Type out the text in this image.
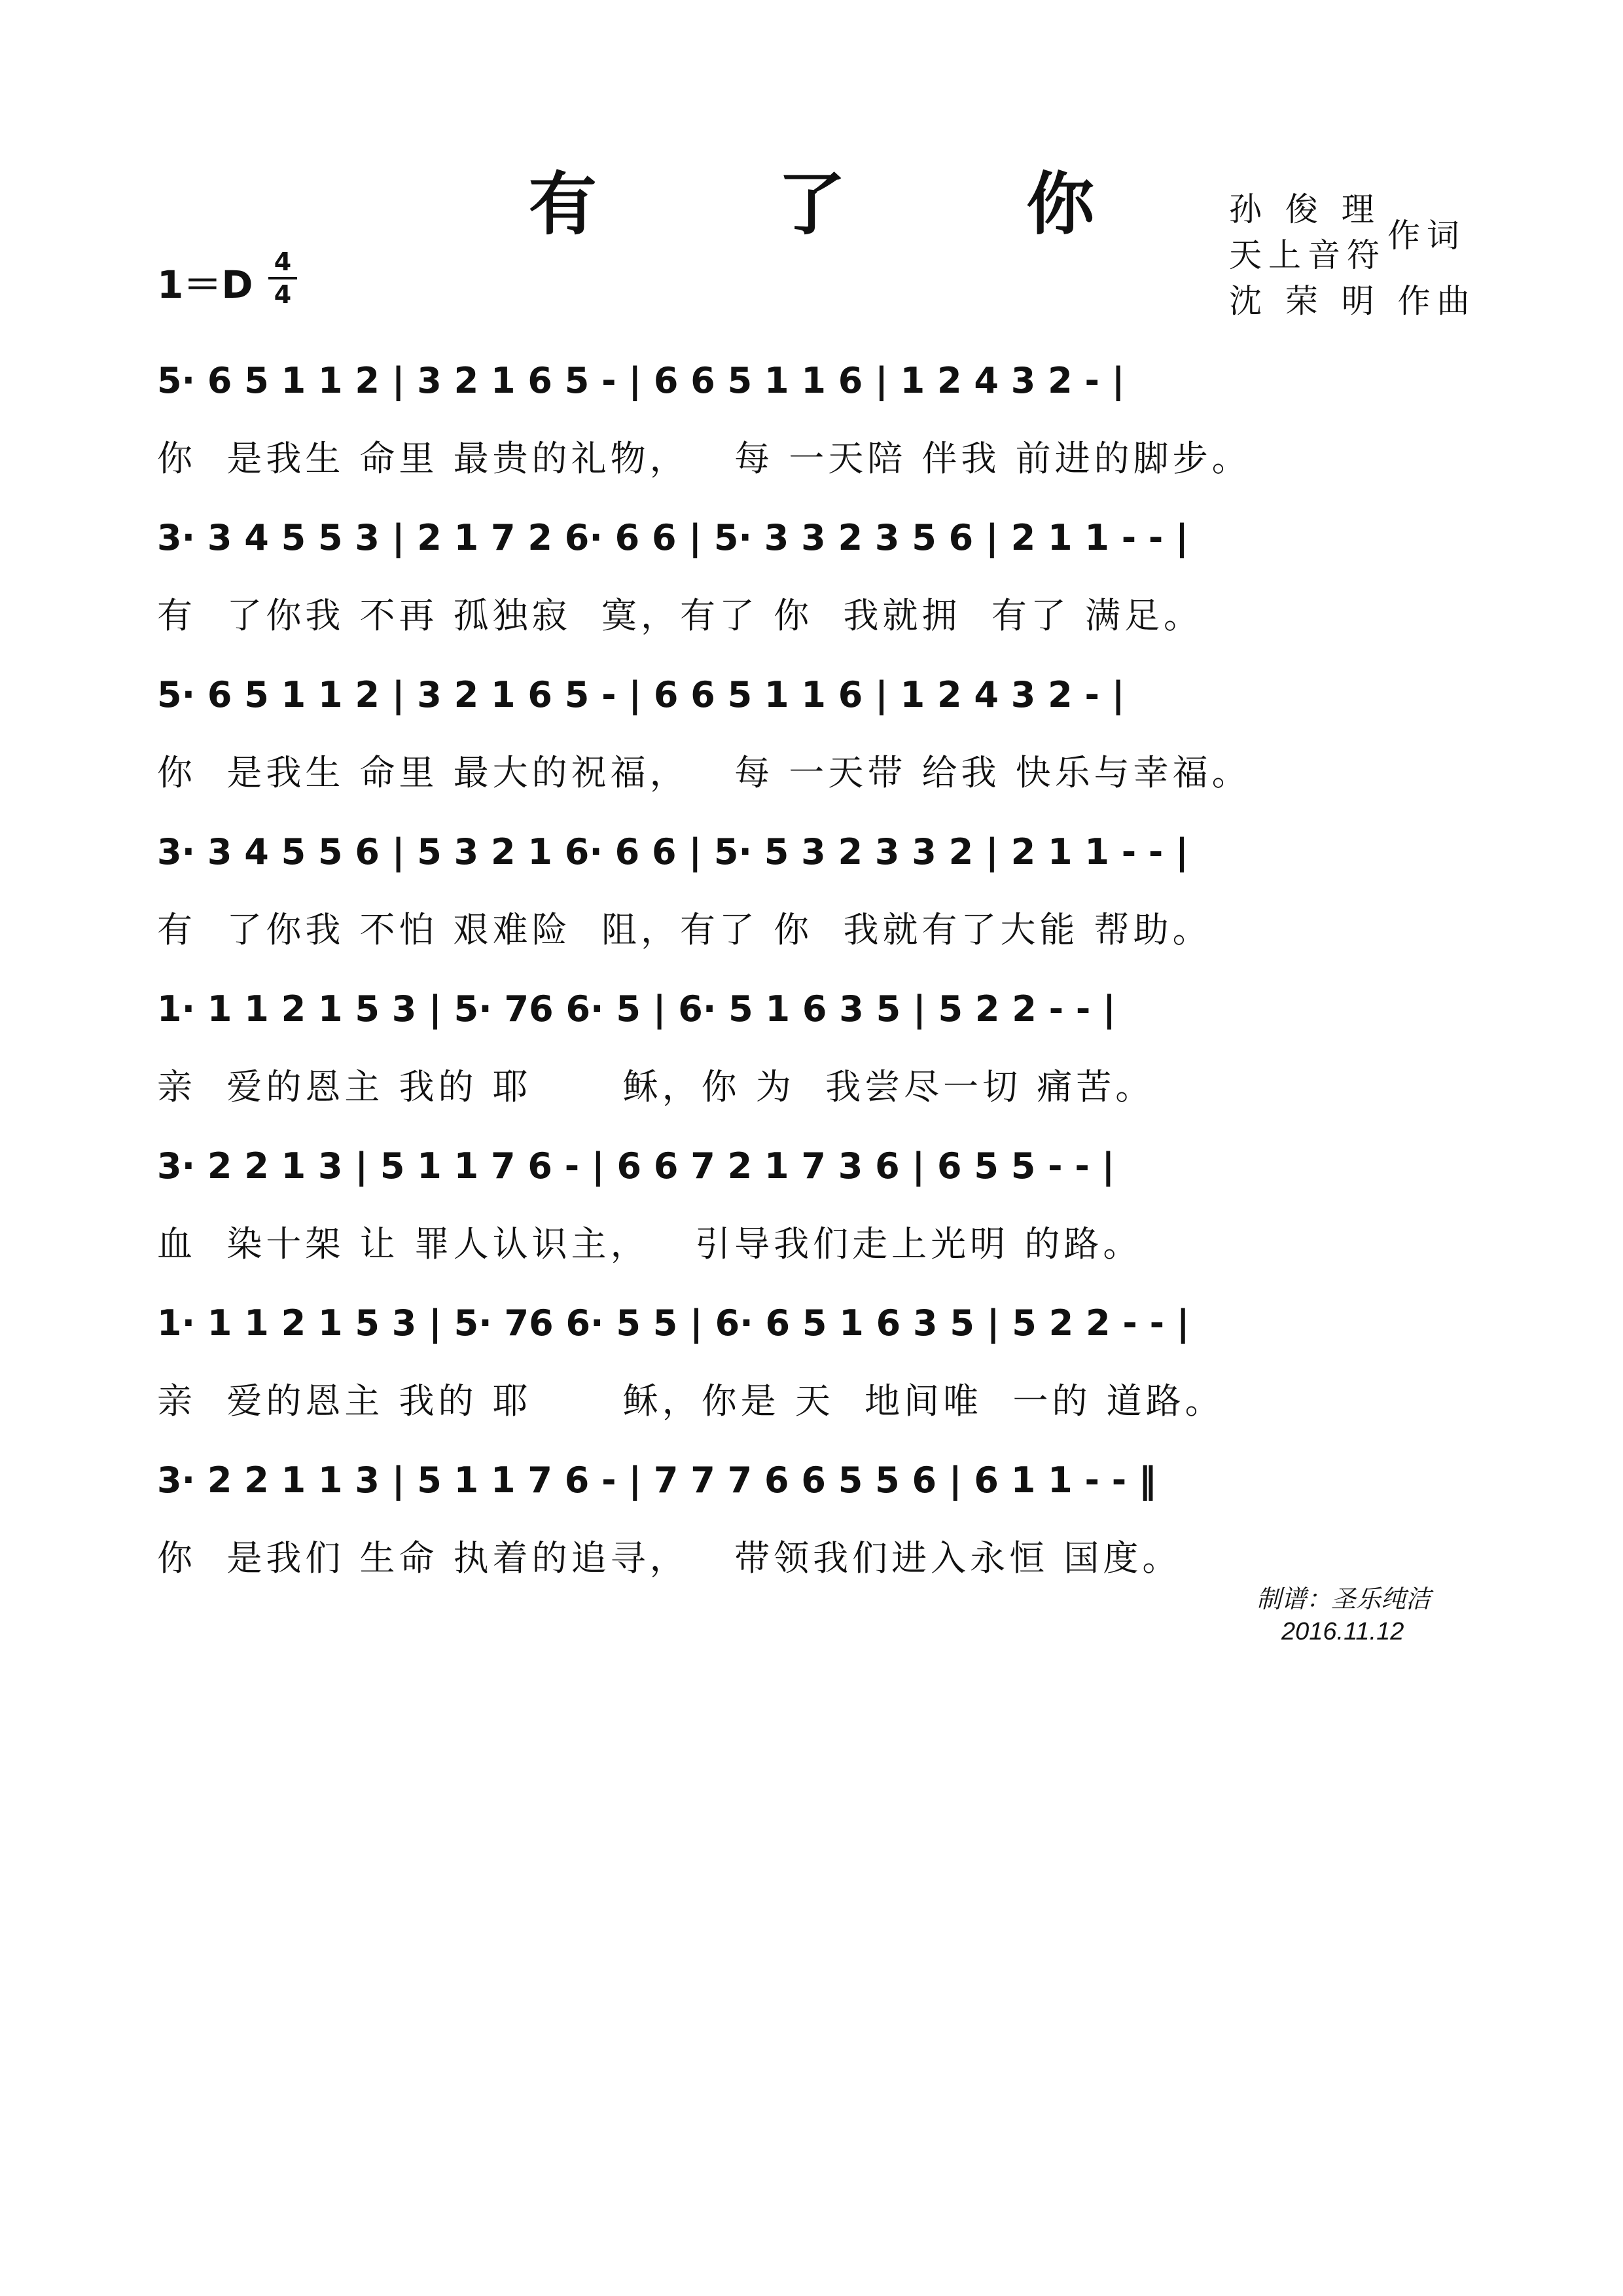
有 了 你	孙 俊 理
天上音符
作词
沈 荣 明 作曲
1＝D
4
4
5· 6 5 1 1 2 | 3 2 1 6 5 - | 6 6 5 1 1 6 | 1 2 4 3 2 - |
你  是我生 命里 最贵的礼物，   每 一天陪 伴我 前进的脚步。
3· 3 4 5 5 3 | 2 1 7 2 6· 6 6 | 5· 3 3 2 3 5 6 | 2 1 1 - - |
有  了你我 不再 孤独寂  寞，有了 你  我就拥  有了 满足。
5· 6 5 1 1 2 | 3 2 1 6 5 - | 6 6 5 1 1 6 | 1 2 4 3 2 - |
你  是我生 命里 最大的祝福，   每 一天带 给我 快乐与幸福。
3· 3 4 5 5 6 | 5 3 2 1 6· 6 6 | 5· 5 3 2 3 3 2 | 2 1 1 - - |
有  了你我 不怕 艰难险  阻，有了 你  我就有了大能 帮助。
1· 1 1 2 1 5 3 | 5· 76 6· 5 | 6· 5 1 6 3 5 | 5 2 2 - - |
亲  爱的恩主 我的 耶      稣，你 为  我尝尽一切 痛苦。
3· 2 2 1 3 | 5 1 1 7 6 - | 6 6 7 2 1 7 3 6 | 6 5 5 - - |
血  染十架 让 罪人认识主，   引导我们走上光明 的路。
1· 1 1 2 1 5 3 | 5· 76 6· 5 5 | 6· 6 5 1 6 3 5 | 5 2 2 - - |
亲  爱的恩主 我的 耶      稣，你是 天  地间唯  一的 道路。
3· 2 2 1 1 3 | 5 1 1 7 6 - | 7 7 7 6 6 5 5 6 | 6 1 1 - - ‖
你  是我们 生命 执着的追寻，   带领我们进入永恒 国度。
制谱：圣乐纯洁
2016.11.12
